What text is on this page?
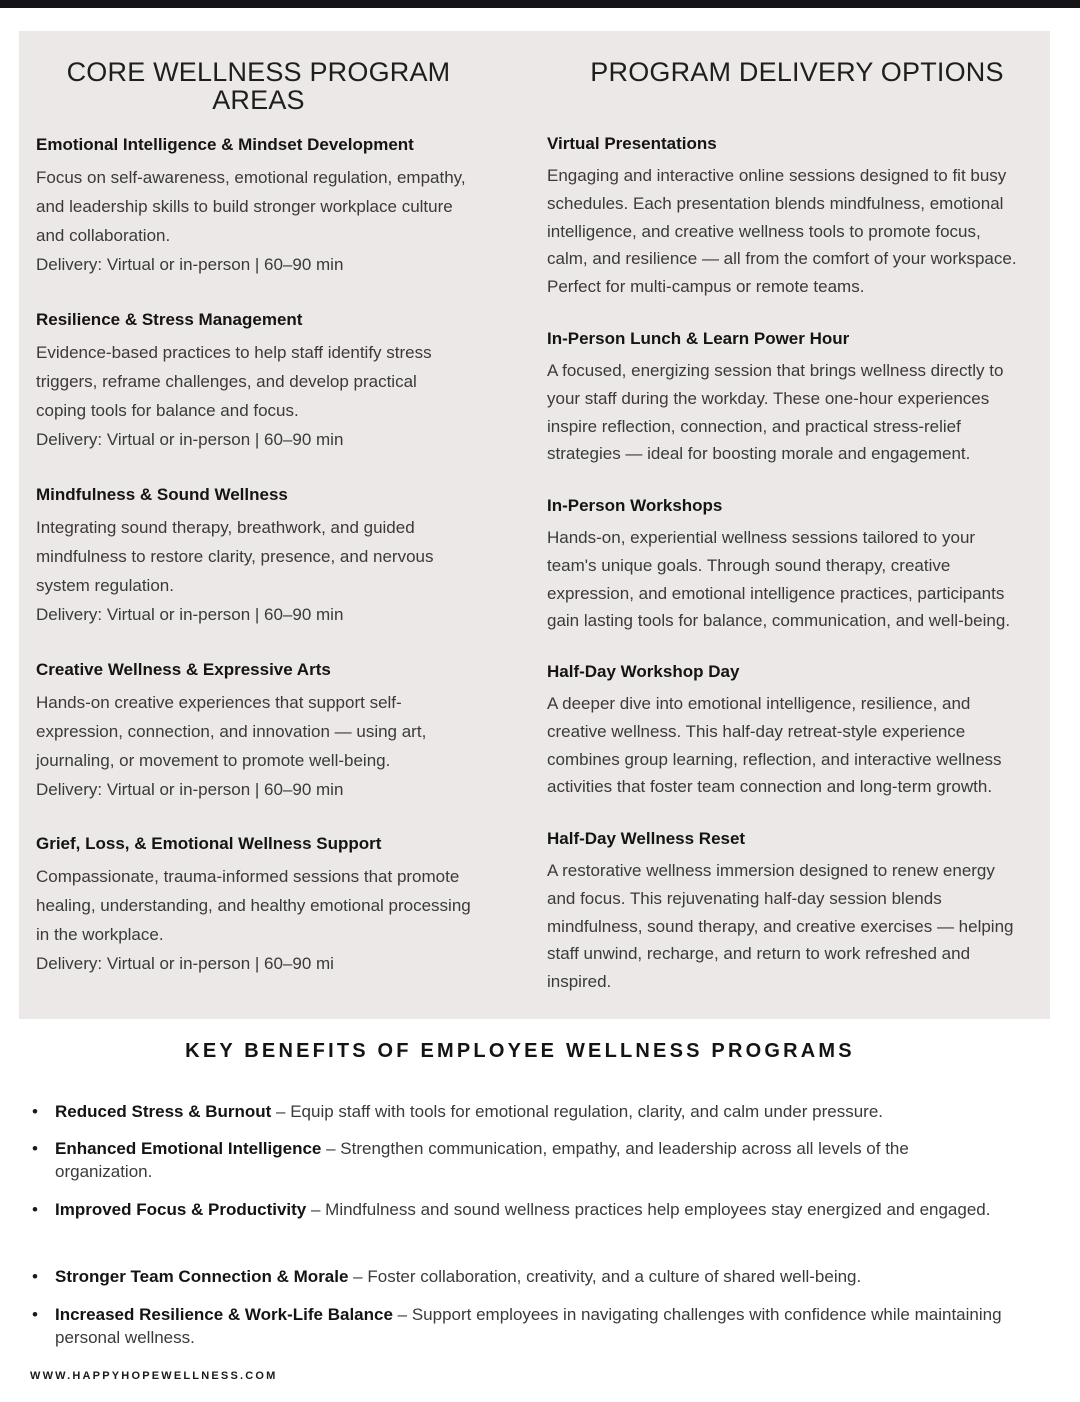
CORE WELLNESS PROGRAM AREAS
Emotional Intelligence & Mindset Development
Focus on self-awareness, emotional regulation, empathy,
and leadership skills to build stronger workplace culture
and collaboration.
Delivery: Virtual or in-person | 60–90 min
Resilience & Stress Management
Evidence-based practices to help staff identify stress
triggers, reframe challenges, and develop practical
coping tools for balance and focus.
Delivery: Virtual or in-person | 60–90 min
Mindfulness & Sound Wellness
Integrating sound therapy, breathwork, and guided
mindfulness to restore clarity, presence, and nervous
system regulation.
Delivery: Virtual or in-person | 60–90 min
Creative Wellness & Expressive Arts
Hands-on creative experiences that support self-
expression, connection, and innovation — using art,
journaling, or movement to promote well-being.
Delivery: Virtual or in-person | 60–90 min
Grief, Loss, & Emotional Wellness Support
Compassionate, trauma-informed sessions that promote
healing, understanding, and healthy emotional processing
in the workplace.
Delivery: Virtual or in-person | 60–90 mi
PROGRAM DELIVERY OPTIONS
Virtual Presentations
Engaging and interactive online sessions designed to fit busy
schedules. Each presentation blends mindfulness, emotional
intelligence, and creative wellness tools to promote focus,
calm, and resilience — all from the comfort of your workspace.
Perfect for multi-campus or remote teams.
In-Person Lunch & Learn Power Hour
A focused, energizing session that brings wellness directly to
your staff during the workday. These one-hour experiences
inspire reflection, connection, and practical stress-relief
strategies — ideal for boosting morale and engagement.
In-Person Workshops
Hands-on, experiential wellness sessions tailored to your
team's unique goals. Through sound therapy, creative
expression, and emotional intelligence practices, participants
gain lasting tools for balance, communication, and well-being.
Half-Day Workshop Day
A deeper dive into emotional intelligence, resilience, and
creative wellness. This half-day retreat-style experience
combines group learning, reflection, and interactive wellness
activities that foster team connection and long-term growth.
Half-Day Wellness Reset
A restorative wellness immersion designed to renew energy
and focus. This rejuvenating half-day session blends
mindfulness, sound therapy, and creative exercises — helping
staff unwind, recharge, and return to work refreshed and
inspired.
KEY BENEFITS OF EMPLOYEE WELLNESS PROGRAMS
• Reduced Stress & Burnout – Equip staff with tools for emotional regulation, clarity, and calm under pressure.
• Enhanced Emotional Intelligence – Strengthen communication, empathy, and leadership across all levels of the organization.
• Improved Focus & Productivity – Mindfulness and sound wellness practices help employees stay energized and engaged.
• Stronger Team Connection & Morale – Foster collaboration, creativity, and a culture of shared well-being.
• Increased Resilience & Work-Life Balance – Support employees in navigating challenges with confidence while maintaining personal wellness.
WWW.HAPPYHOPEWELLNESS.COM
